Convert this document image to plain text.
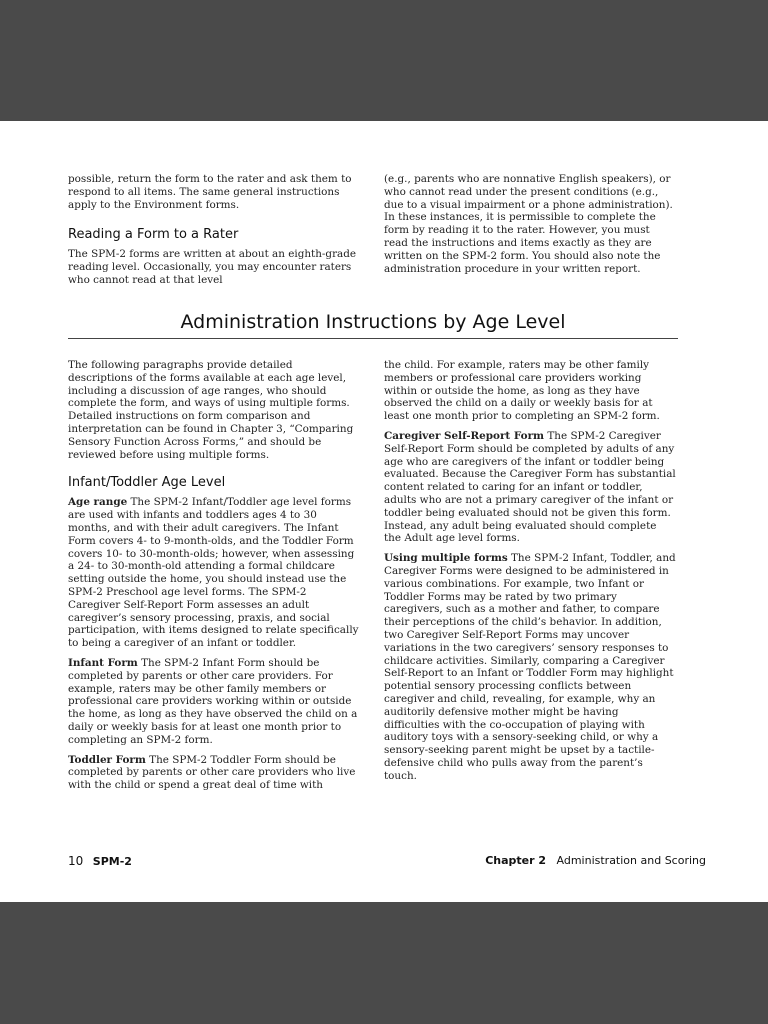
possible, return the form to the rater and ask them to respond to all items. The same general instructions apply to the Environment forms.

Reading a Form to a Rater

The SPM-2 forms are written at about an eighth-grade reading level. Occasionally, you may encounter raters who cannot read at that level

(e.g., parents who are nonnative English speakers), or who cannot read under the present conditions (e.g., due to a visual impairment or a phone administration). In these instances, it is permissible to complete the form by reading it to the rater. However, you must read the instructions and items exactly as they are written on the SPM-2 form. You should also note the administration procedure in your written report.

Administration Instructions by Age Level

The following paragraphs provide detailed descriptions of the forms available at each age level, including a discussion of age ranges, who should complete the form, and ways of using multiple forms. Detailed instructions on form comparison and interpretation can be found in Chapter 3, “Comparing Sensory Function Across Forms,” and should be reviewed before using multiple forms.

Infant/Toddler Age Level

Age range The SPM-2 Infant/Toddler age level forms are used with infants and toddlers ages 4 to 30 months, and with their adult caregivers. The Infant Form covers 4- to 9-month-olds, and the Toddler Form covers 10- to 30-month-olds; however, when assessing a 24- to 30-month-old attending a formal childcare setting outside the home, you should instead use the SPM-2 Preschool age level forms. The SPM-2 Caregiver Self-Report Form assesses an adult caregiver’s sensory processing, praxis, and social participation, with items designed to relate specifically to being a caregiver of an infant or toddler.

Infant Form The SPM-2 Infant Form should be completed by parents or other care providers. For example, raters may be other family members or professional care providers working within or outside the home, as long as they have observed the child on a daily or weekly basis for at least one month prior to completing an SPM-2 form.

Toddler Form The SPM-2 Toddler Form should be completed by parents or other care providers who live with the child or spend a great deal of time with

the child. For example, raters may be other family members or professional care providers working within or outside the home, as long as they have observed the child on a daily or weekly basis for at least one month prior to completing an SPM-2 form.

Caregiver Self-Report Form The SPM-2 Caregiver Self-Report Form should be completed by adults of any age who are caregivers of the infant or toddler being evaluated. Because the Caregiver Form has substantial content related to caring for an infant or toddler, adults who are not a primary caregiver of the infant or toddler being evaluated should not be given this form. Instead, any adult being evaluated should complete the Adult age level forms.

Using multiple forms The SPM-2 Infant, Toddler, and Caregiver Forms were designed to be administered in various combinations. For example, two Infant or Toddler Forms may be rated by two primary caregivers, such as a mother and father, to compare their perceptions of the child’s behavior. In addition, two Caregiver Self-Report Forms may uncover variations in the two caregivers’ sensory responses to childcare activities. Similarly, comparing a Caregiver Self-Report to an Infant or Toddler Form may highlight potential sensory processing conflicts between caregiver and child, revealing, for example, why an auditorily defensive mother might be having difficulties with the co-occupation of playing with auditory toys with a sensory-seeking child, or why a sensory-seeking parent might be upset by a tactile-defensive child who pulls away from the parent’s touch.

10 SPM-2	Chapter 2 Administration and Scoring
